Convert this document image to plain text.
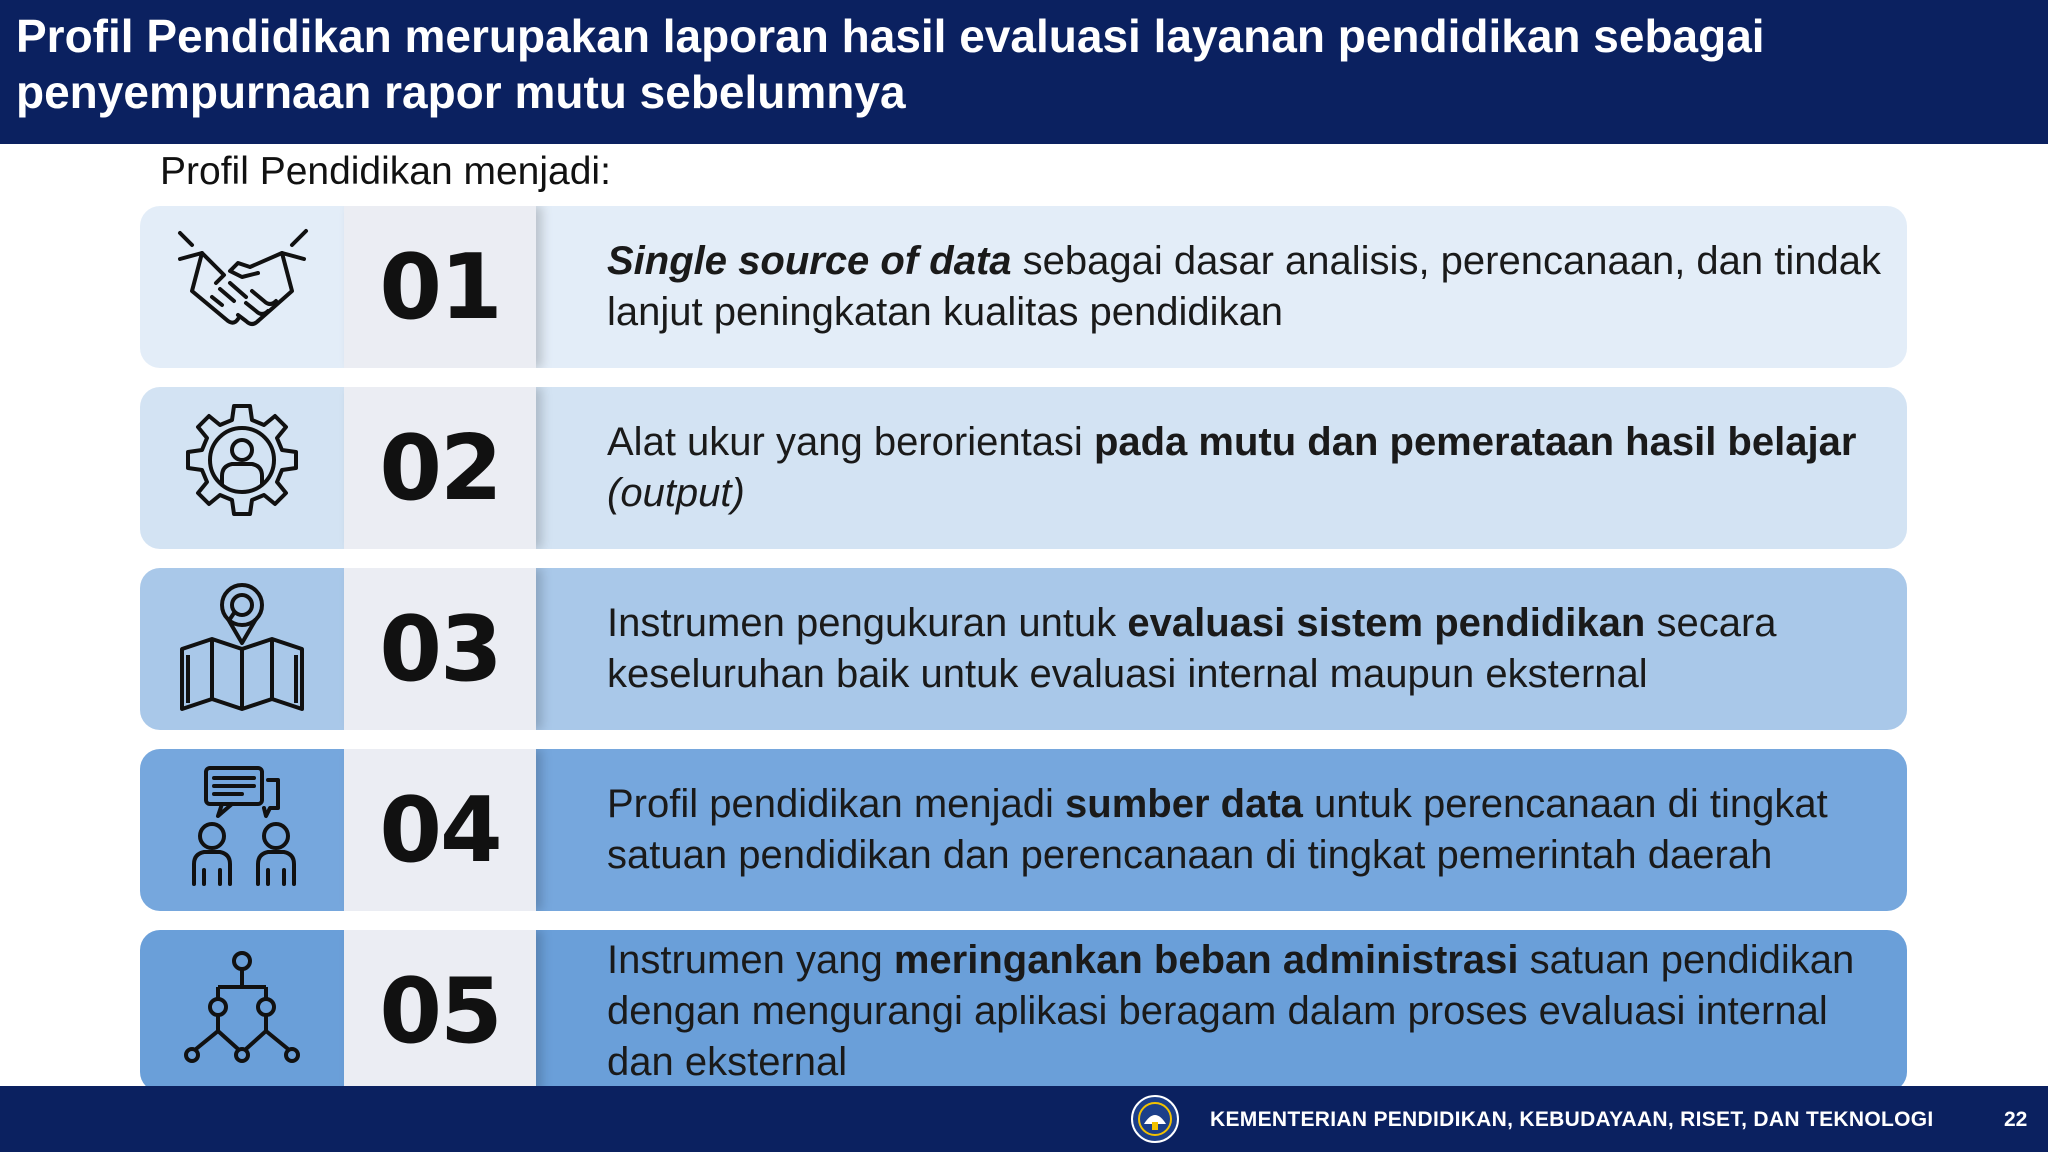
Profil Pendidikan merupakan laporan hasil evaluasi layanan pendidikan sebagai penyempurnaan rapor mutu sebelumnya
Profil Pendidikan menjadi:
01	Single source of data sebagai dasar analisis, perencanaan, dan tindak lanjut peningkatan kualitas pendidikan
02	Alat ukur yang berorientasi pada mutu dan pemerataan hasil belajar (output)
03	Instrumen pengukuran untuk evaluasi sistem pendidikan secara keseluruhan baik untuk evaluasi internal maupun eksternal
04	Profil pendidikan menjadi sumber data untuk perencanaan di tingkat satuan pendidikan dan perencanaan di tingkat pemerintah daerah
05	Instrumen yang meringankan beban administrasi satuan pendidikan dengan mengurangi aplikasi beragam dalam proses evaluasi internal dan eksternal
KEMENTERIAN PENDIDIKAN, KEBUDAYAAN, RISET, DAN TEKNOLOGI	22
